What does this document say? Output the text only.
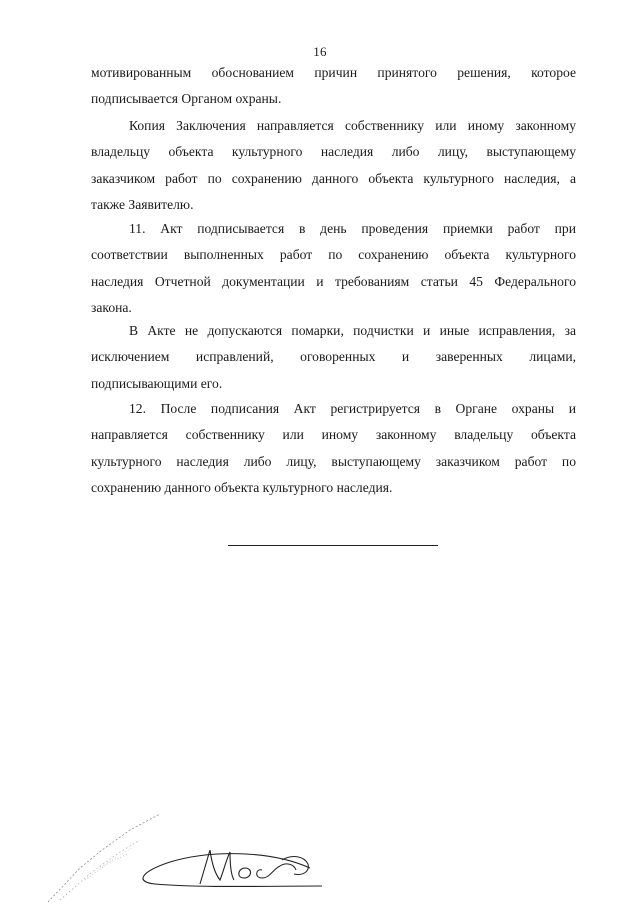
16
мотивированным обоснованием причин принятого решения, которое
подписывается Органом охраны.
Копия Заключения направляется собственнику или иному законному
владельцу объекта культурного наследия либо лицу, выступающему
заказчиком работ по сохранению данного объекта культурного наследия, а
также Заявителю.
11. Акт подписывается в день проведения приемки работ при
соответствии выполненных работ по сохранению объекта культурного
наследия Отчетной документации и требованиям статьи 45 Федерального
закона.
В Акте не допускаются помарки, подчистки и иные исправления, за
исключением исправлений, оговоренных и заверенных лицами,
подписывающими его.
12. После подписания Акт регистрируется в Органе охраны и
направляется собственнику или иному законному владельцу объекта
культурного наследия либо лицу, выступающему заказчиком работ по
сохранению данного объекта культурного наследия.
